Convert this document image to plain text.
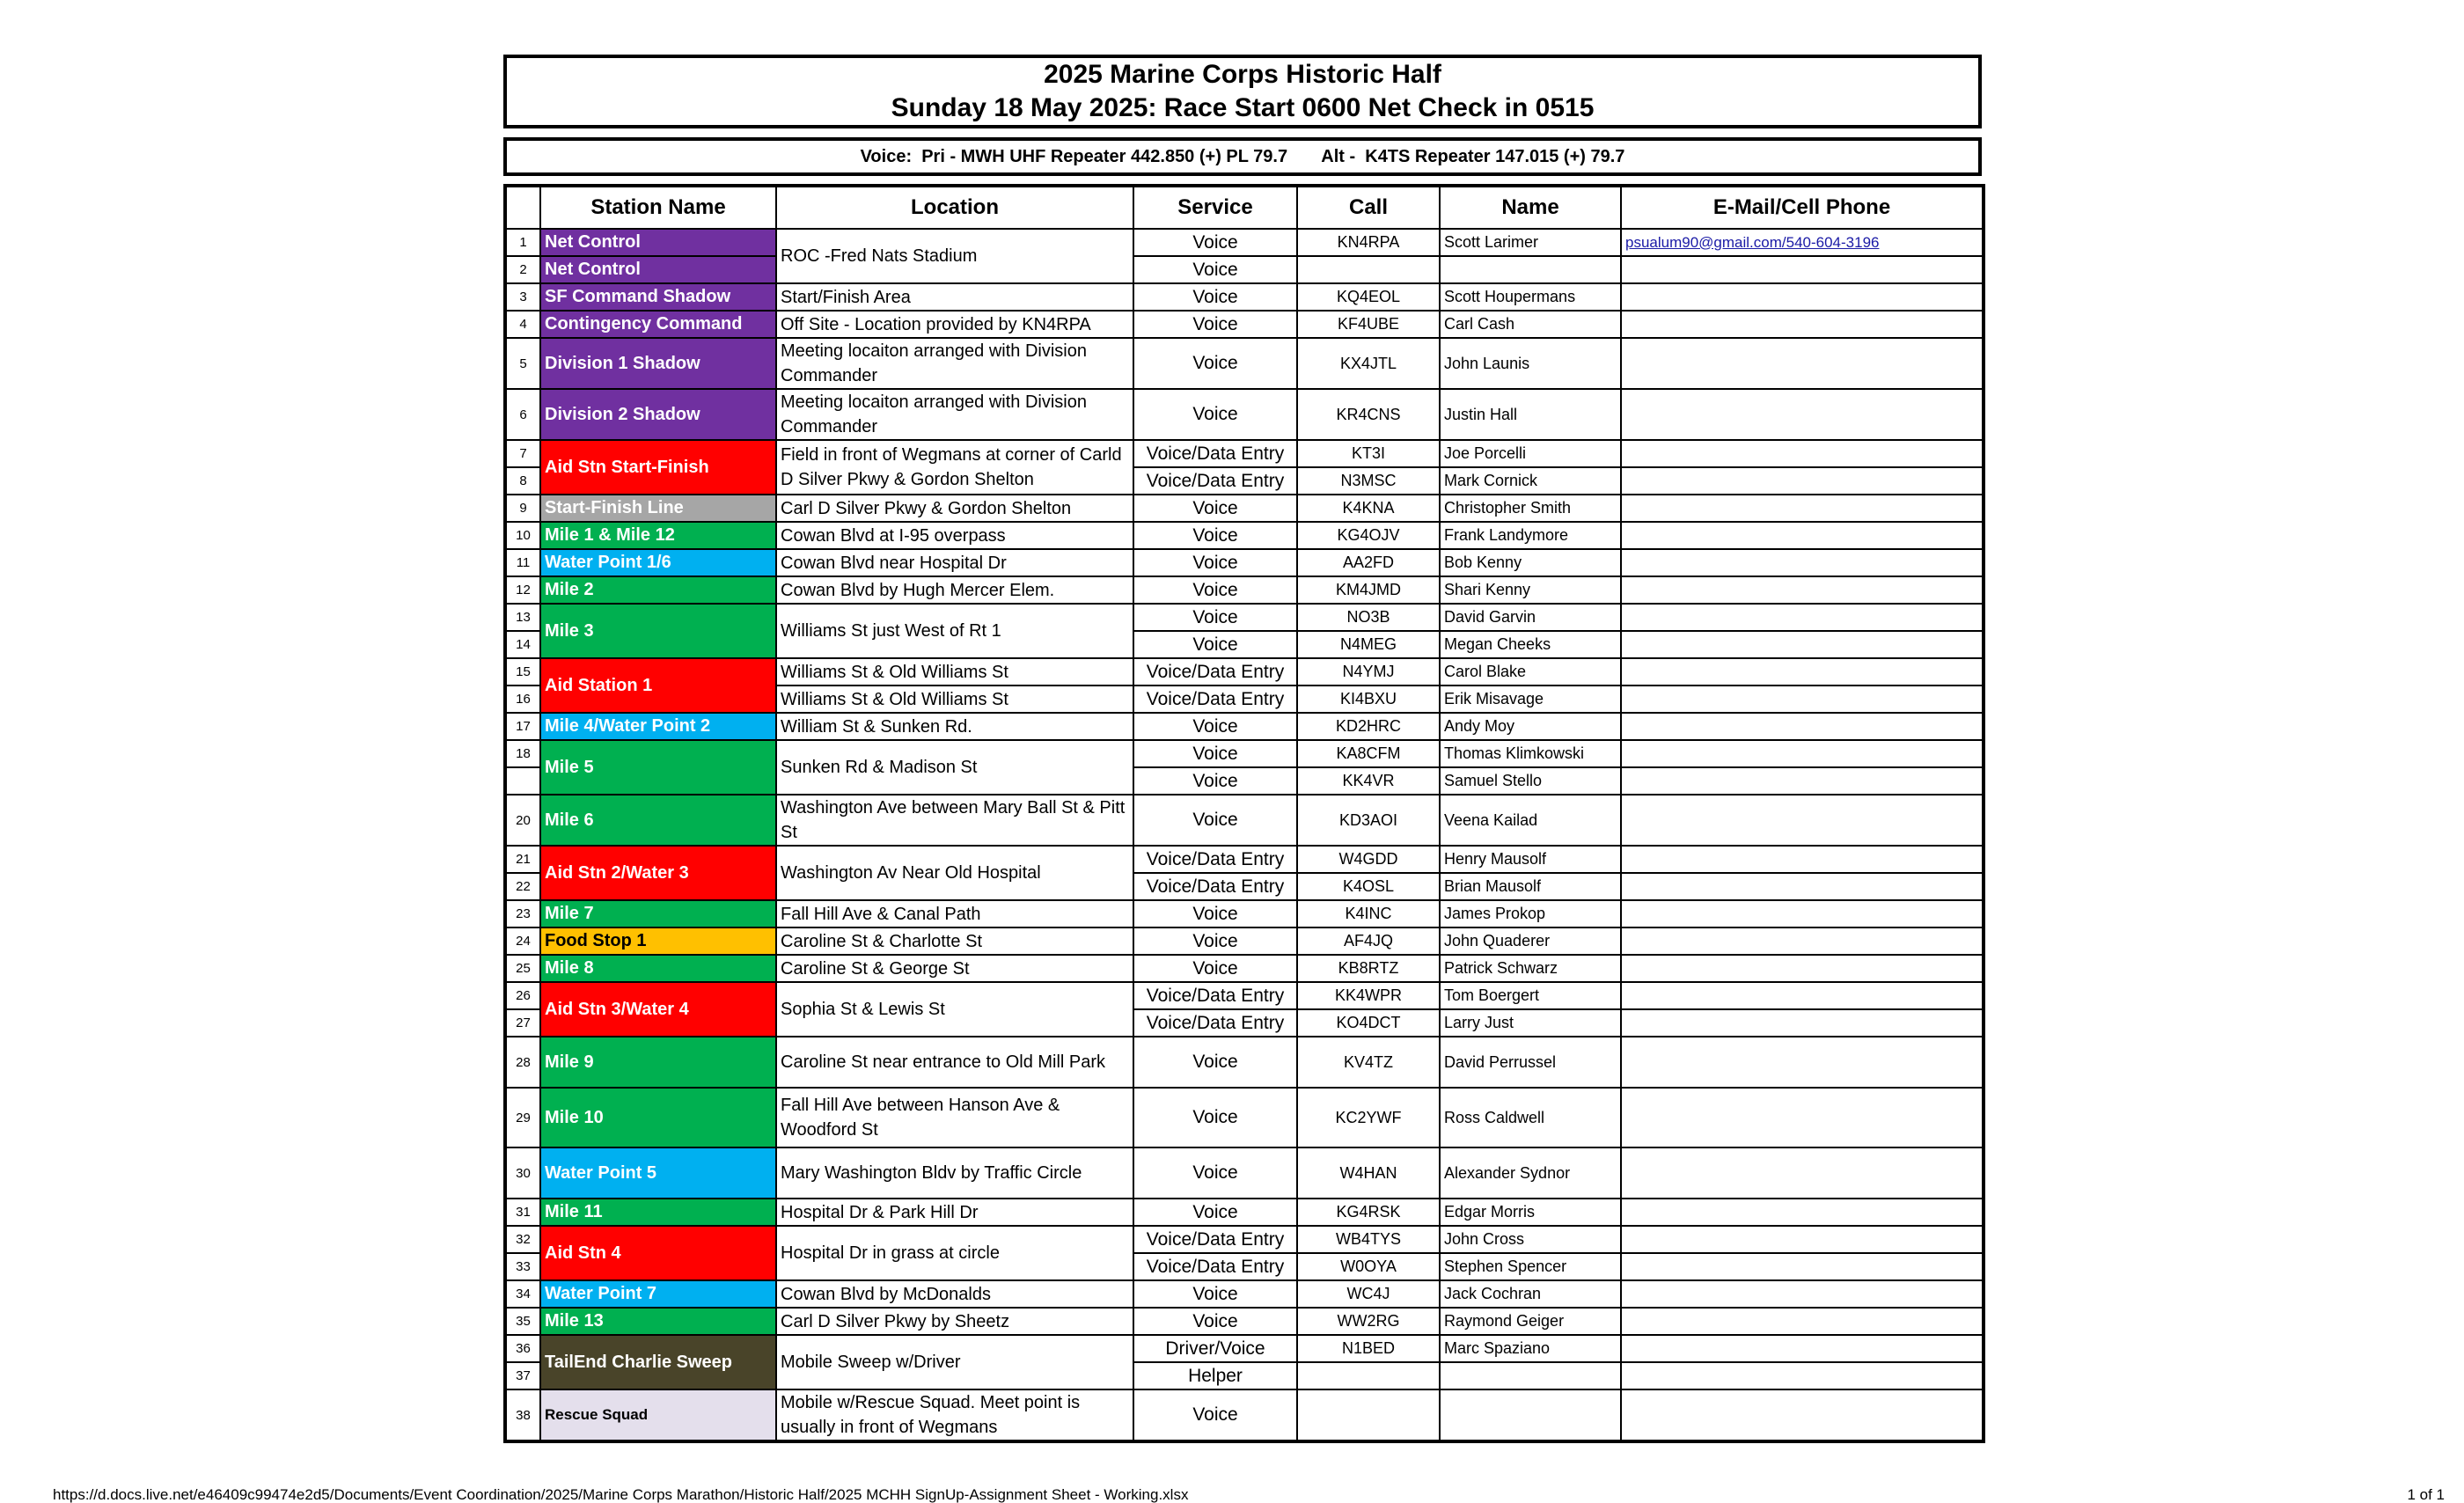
2025 Marine Corps Historic Half
Sunday 18 May 2025: Race Start 0600 Net Check in 0515
Voice:  Pri - MWH UHF Repeater 442.850 (+) PL 79.7       Alt -  K4TS Repeater 147.015 (+) 79.7
	Station Name	Location	Service	Call	Name	E-Mail/Cell Phone
1	Net Control	ROC -Fred Nats Stadium	Voice	KN4RPA	Scott Larimer	psualum90@gmail.com/540-604-3196
2	Net Control		Voice			
3	SF Command Shadow	Start/Finish Area	Voice	KQ4EOL	Scott Houpermans	
4	Contingency Command	Off Site - Location provided by KN4RPA	Voice	KF4UBE	Carl Cash	
5	Division 1 Shadow	Meeting locaiton arranged with Division Commander	Voice	KX4JTL	John Launis	
6	Division 2 Shadow	Meeting locaiton arranged with Division Commander	Voice	KR4CNS	Justin Hall	
7	Aid Stn Start-Finish	Field in front of Wegmans at corner of Carld D Silver Pkwy & Gordon Shelton	Voice/Data Entry	KT3I	Joe Porcelli	
8			Voice/Data Entry	N3MSC	Mark Cornick	
9	Start-Finish Line	Carl D Silver Pkwy & Gordon Shelton	Voice	K4KNA	Christopher Smith	
10	Mile 1 & Mile 12	Cowan Blvd at I-95 overpass	Voice	KG4OJV	Frank Landymore	
11	Water Point 1/6	Cowan Blvd near Hospital Dr	Voice	AA2FD	Bob Kenny	
12	Mile 2	Cowan Blvd by Hugh Mercer Elem.	Voice	KM4JMD	Shari Kenny	
13	Mile 3	Williams St just West of Rt 1	Voice	NO3B	David Garvin	
14			Voice	N4MEG	Megan Cheeks	
15	Aid Station 1	Williams St & Old Williams St	Voice/Data Entry	N4YMJ	Carol Blake	
16		Williams St & Old Williams St	Voice/Data Entry	KI4BXU	Erik Misavage	
17	Mile 4/Water Point 2	William St & Sunken Rd.	Voice	KD2HRC	Andy Moy	
18	Mile 5	Sunken Rd & Madison St	Voice	KA8CFM	Thomas Klimkowski	
			Voice	KK4VR	Samuel Stello	
20	Mile 6	Washington Ave between Mary Ball St & Pitt St	Voice	KD3AOI	Veena Kailad	
21	Aid Stn 2/Water 3	Washington Av Near Old Hospital	Voice/Data Entry	W4GDD	Henry Mausolf	
22			Voice/Data Entry	K4OSL	Brian Mausolf	
23	Mile 7	Fall Hill Ave & Canal Path	Voice	K4INC	James Prokop	
24	Food Stop 1	Caroline St & Charlotte St	Voice	AF4JQ	John Quaderer	
25	Mile 8	Caroline St & George St	Voice	KB8RTZ	Patrick Schwarz	
26	Aid Stn 3/Water 4	Sophia St & Lewis St	Voice/Data Entry	KK4WPR	Tom Boergert	
27			Voice/Data Entry	KO4DCT	Larry Just	
28	Mile 9	Caroline St near entrance to Old Mill Park	Voice	KV4TZ	David Perrussel	
29	Mile 10	Fall Hill Ave between Hanson Ave & Woodford St	Voice	KC2YWF	Ross Caldwell	
30	Water Point 5	Mary Washington Bldv by Traffic Circle	Voice	W4HAN	Alexander Sydnor	
31	Mile 11	Hospital Dr & Park Hill Dr	Voice	KG4RSK	Edgar Morris	
32	Aid Stn 4	Hospital Dr in grass at circle	Voice/Data Entry	WB4TYS	John Cross	
33			Voice/Data Entry	W0OYA	Stephen Spencer	
34	Water Point 7	Cowan Blvd by McDonalds	Voice	WC4J	Jack Cochran	
35	Mile 13	Carl D Silver Pkwy by Sheetz	Voice	WW2RG	Raymond Geiger	
36	TailEnd Charlie Sweep	Mobile Sweep w/Driver	Driver/Voice	N1BED	Marc Spaziano	
37			Helper			
38	Rescue Squad	Mobile w/Rescue Squad. Meet point is usually in front of Wegmans	Voice			
https://d.docs.live.net/e46409c99474e2d5/Documents/Event Coordination/2025/Marine Corps Marathon/Historic Half/2025 MCHH SignUp-Assignment Sheet - Working.xlsx	1 of 1
